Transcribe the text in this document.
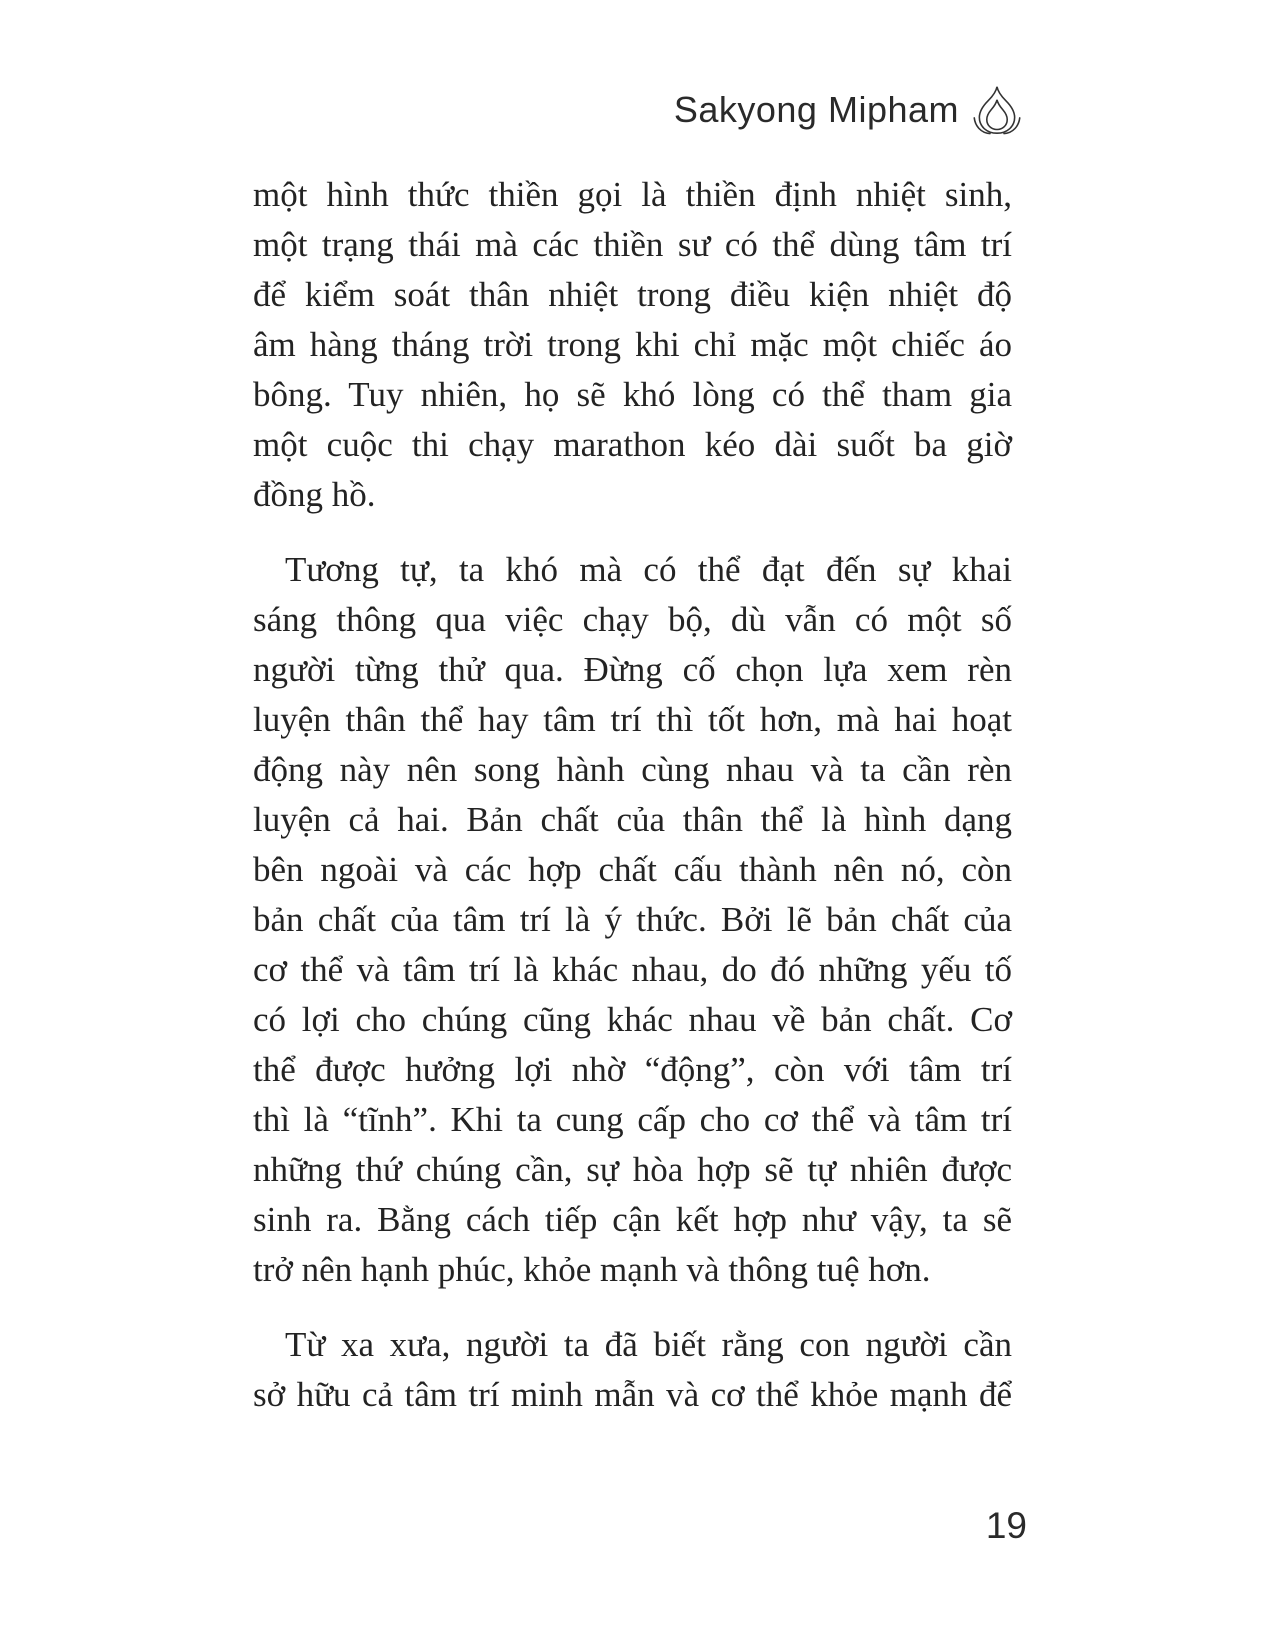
Sakyong Mipham
một hình thức thiền gọi là thiền định nhiệt sinh,
một trạng thái mà các thiền sư có thể dùng tâm trí
để kiểm soát thân nhiệt trong điều kiện nhiệt độ
âm hàng tháng trời trong khi chỉ mặc một chiếc áo
bông. Tuy nhiên, họ sẽ khó lòng có thể tham gia
một cuộc thi chạy marathon kéo dài suốt ba giờ
đồng hồ.
Tương tự, ta khó mà có thể đạt đến sự khai
sáng thông qua việc chạy bộ, dù vẫn có một số
người từng thử qua. Đừng cố chọn lựa xem rèn
luyện thân thể hay tâm trí thì tốt hơn, mà hai hoạt
động này nên song hành cùng nhau và ta cần rèn
luyện cả hai. Bản chất của thân thể là hình dạng
bên ngoài và các hợp chất cấu thành nên nó, còn
bản chất của tâm trí là ý thức. Bởi lẽ bản chất của
cơ thể và tâm trí là khác nhau, do đó những yếu tố
có lợi cho chúng cũng khác nhau về bản chất. Cơ
thể được hưởng lợi nhờ “động”, còn với tâm trí
thì là “tĩnh”. Khi ta cung cấp cho cơ thể và tâm trí
những thứ chúng cần, sự hòa hợp sẽ tự nhiên được
sinh ra. Bằng cách tiếp cận kết hợp như vậy, ta sẽ
trở nên hạnh phúc, khỏe mạnh và thông tuệ hơn.
Từ xa xưa, người ta đã biết rằng con người cần
sở hữu cả tâm trí minh mẫn và cơ thể khỏe mạnh để
19
